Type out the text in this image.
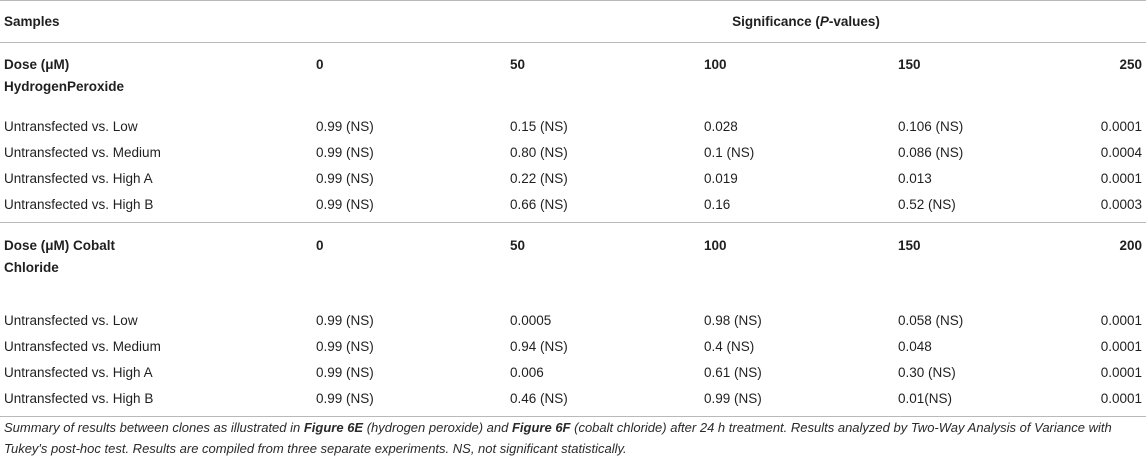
Samples	Significance (P-values)				
Dose (μM)
HydrogenPeroxide	0	50	100	150	250
Untransfected vs. Low	0.99 (NS)	0.15 (NS)	0.028	0.106 (NS)	0.0001
Untransfected vs. Medium	0.99 (NS)	0.80 (NS)	0.1 (NS)	0.086 (NS)	0.0004
Untransfected vs. High A	0.99 (NS)	0.22 (NS)	0.019	0.013	0.0001
Untransfected vs. High B	0.99 (NS)	0.66 (NS)	0.16	0.52 (NS)	0.0003
Dose (μM) Cobalt
Chloride	0	50	100	150	200
Untransfected vs. Low	0.99 (NS)	0.0005	0.98 (NS)	0.058 (NS)	0.0001
Untransfected vs. Medium	0.99 (NS)	0.94 (NS)	0.4 (NS)	0.048	0.0001
Untransfected vs. High A	0.99 (NS)	0.006	0.61 (NS)	0.30 (NS)	0.0001
Untransfected vs. High B	0.99 (NS)	0.46 (NS)	0.99 (NS)	0.01(NS)	0.0001
Summary of results between clones as illustrated in Figure 6E (hydrogen peroxide) and Figure 6F (cobalt chloride) after 24 h treatment. Results analyzed by Two-Way Analysis of Variance with Tukey's post-hoc test. Results are compiled from three separate experiments. NS, not significant statistically.
